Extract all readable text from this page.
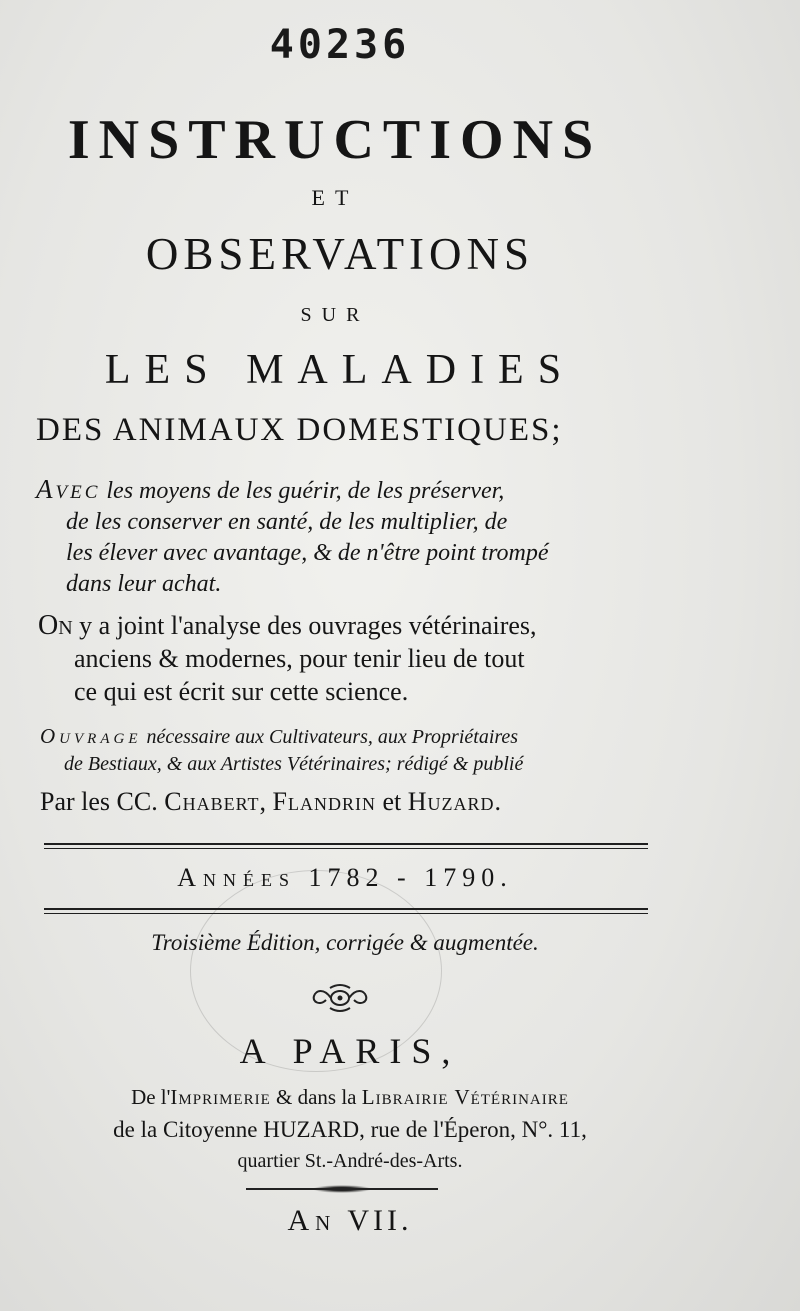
40236
INSTRUCTIONS
ET
OBSERVATIONS
SUR
LES MALADIES
DES ANIMAUX DOMESTIQUES;
Avec les moyens de les guérir, de les préserver,
de les conserver en santé, de les multiplier, de
les élever avec avantage, & de n'être point trompé
dans leur achat.
On y a joint l'analyse des ouvrages vétérinaires,
anciens & modernes, pour tenir lieu de tout
ce qui est écrit sur cette science.
Ouvrage nécessaire aux Cultivateurs, aux Propriétaires
de Bestiaux, & aux Artistes Vétérinaires; rédigé & publié
Par les CC. Chabert, Flandrin et Huzard.
Années 1782 - 1790.
Troisième Édition, corrigée & augmentée.
A PARIS,
De l'Imprimerie & dans la Librairie Vétérinaire
de la Citoyenne HUZARD, rue de l'Éperon, N°. 11,
quartier St.-André-des-Arts.
An VII.
